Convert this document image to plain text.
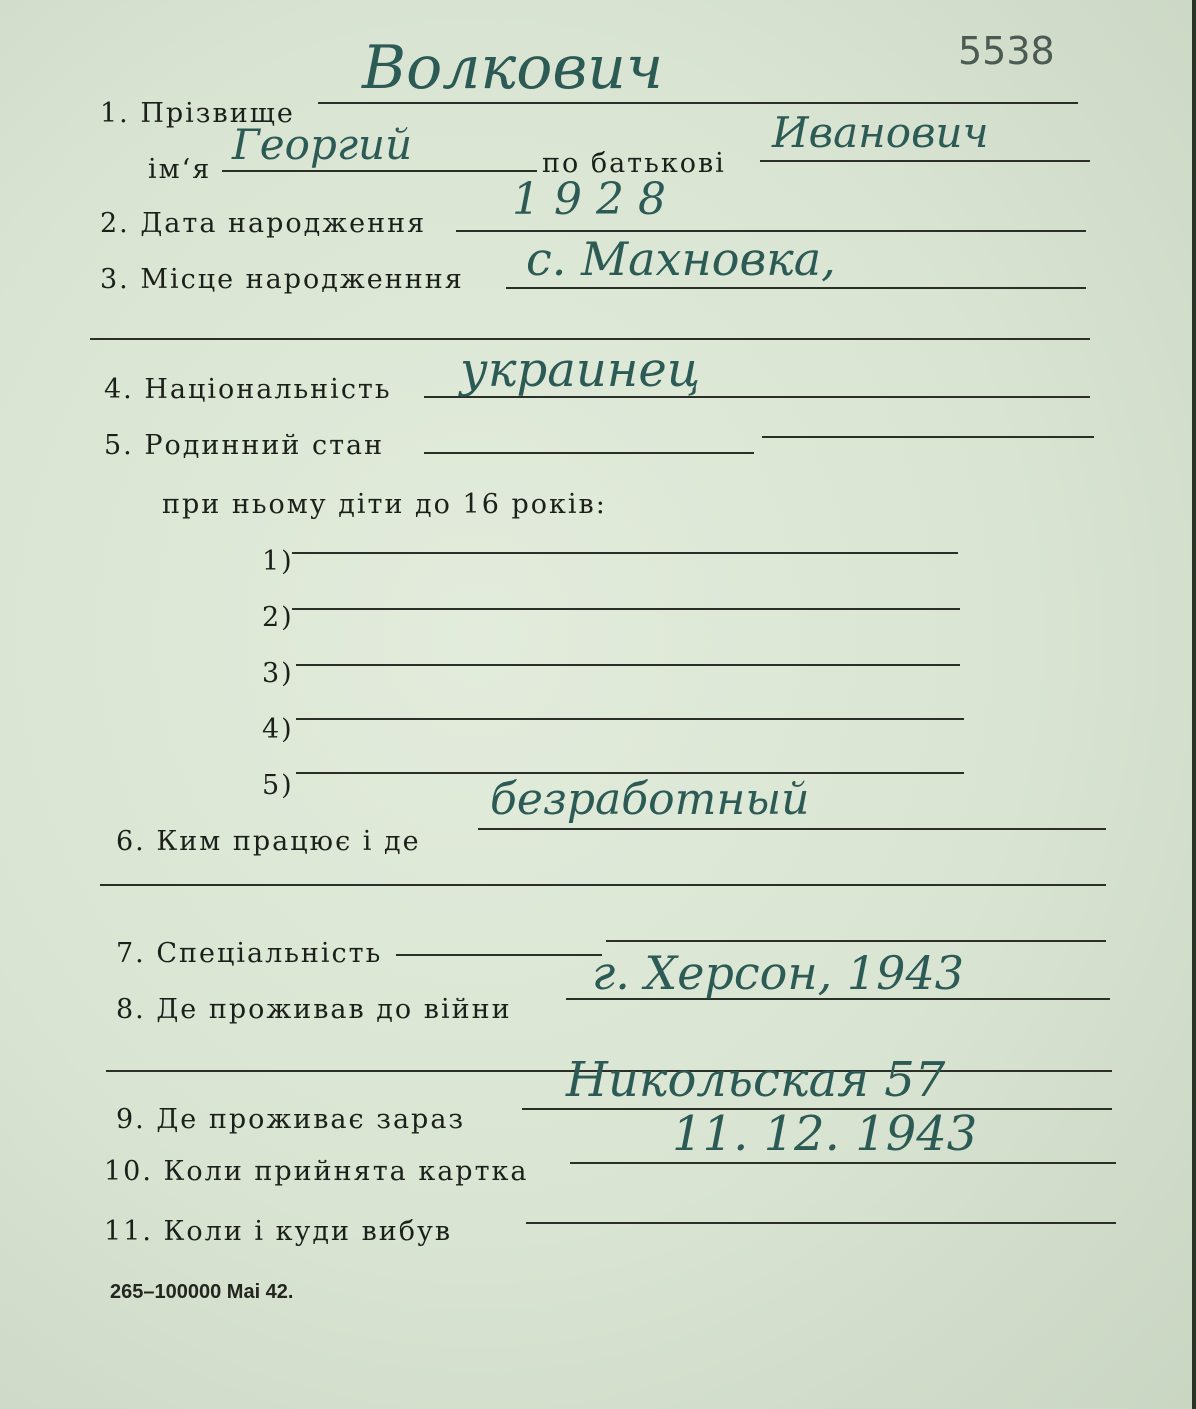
5538
1. Прізвище
Волкович
ім‘я
Георгий	по батькові
Иванович
2. Дата народження 1928
3. Місце народженння с. Махновка,
4. Національність украинец
5. Родинний стан
при ньому діти до 16 років:
1)
2)
3)
4)
5)
6. Ким працює і де
безработный
7. Спеціальність
8. Де проживав до війни
г. Херсон, 1943
9. Де проживає зараз
Никольская 57
10. Коли прийнята картка
11. 12. 1943
11. Коли і куди вибув
265–100000 Mai 42.
